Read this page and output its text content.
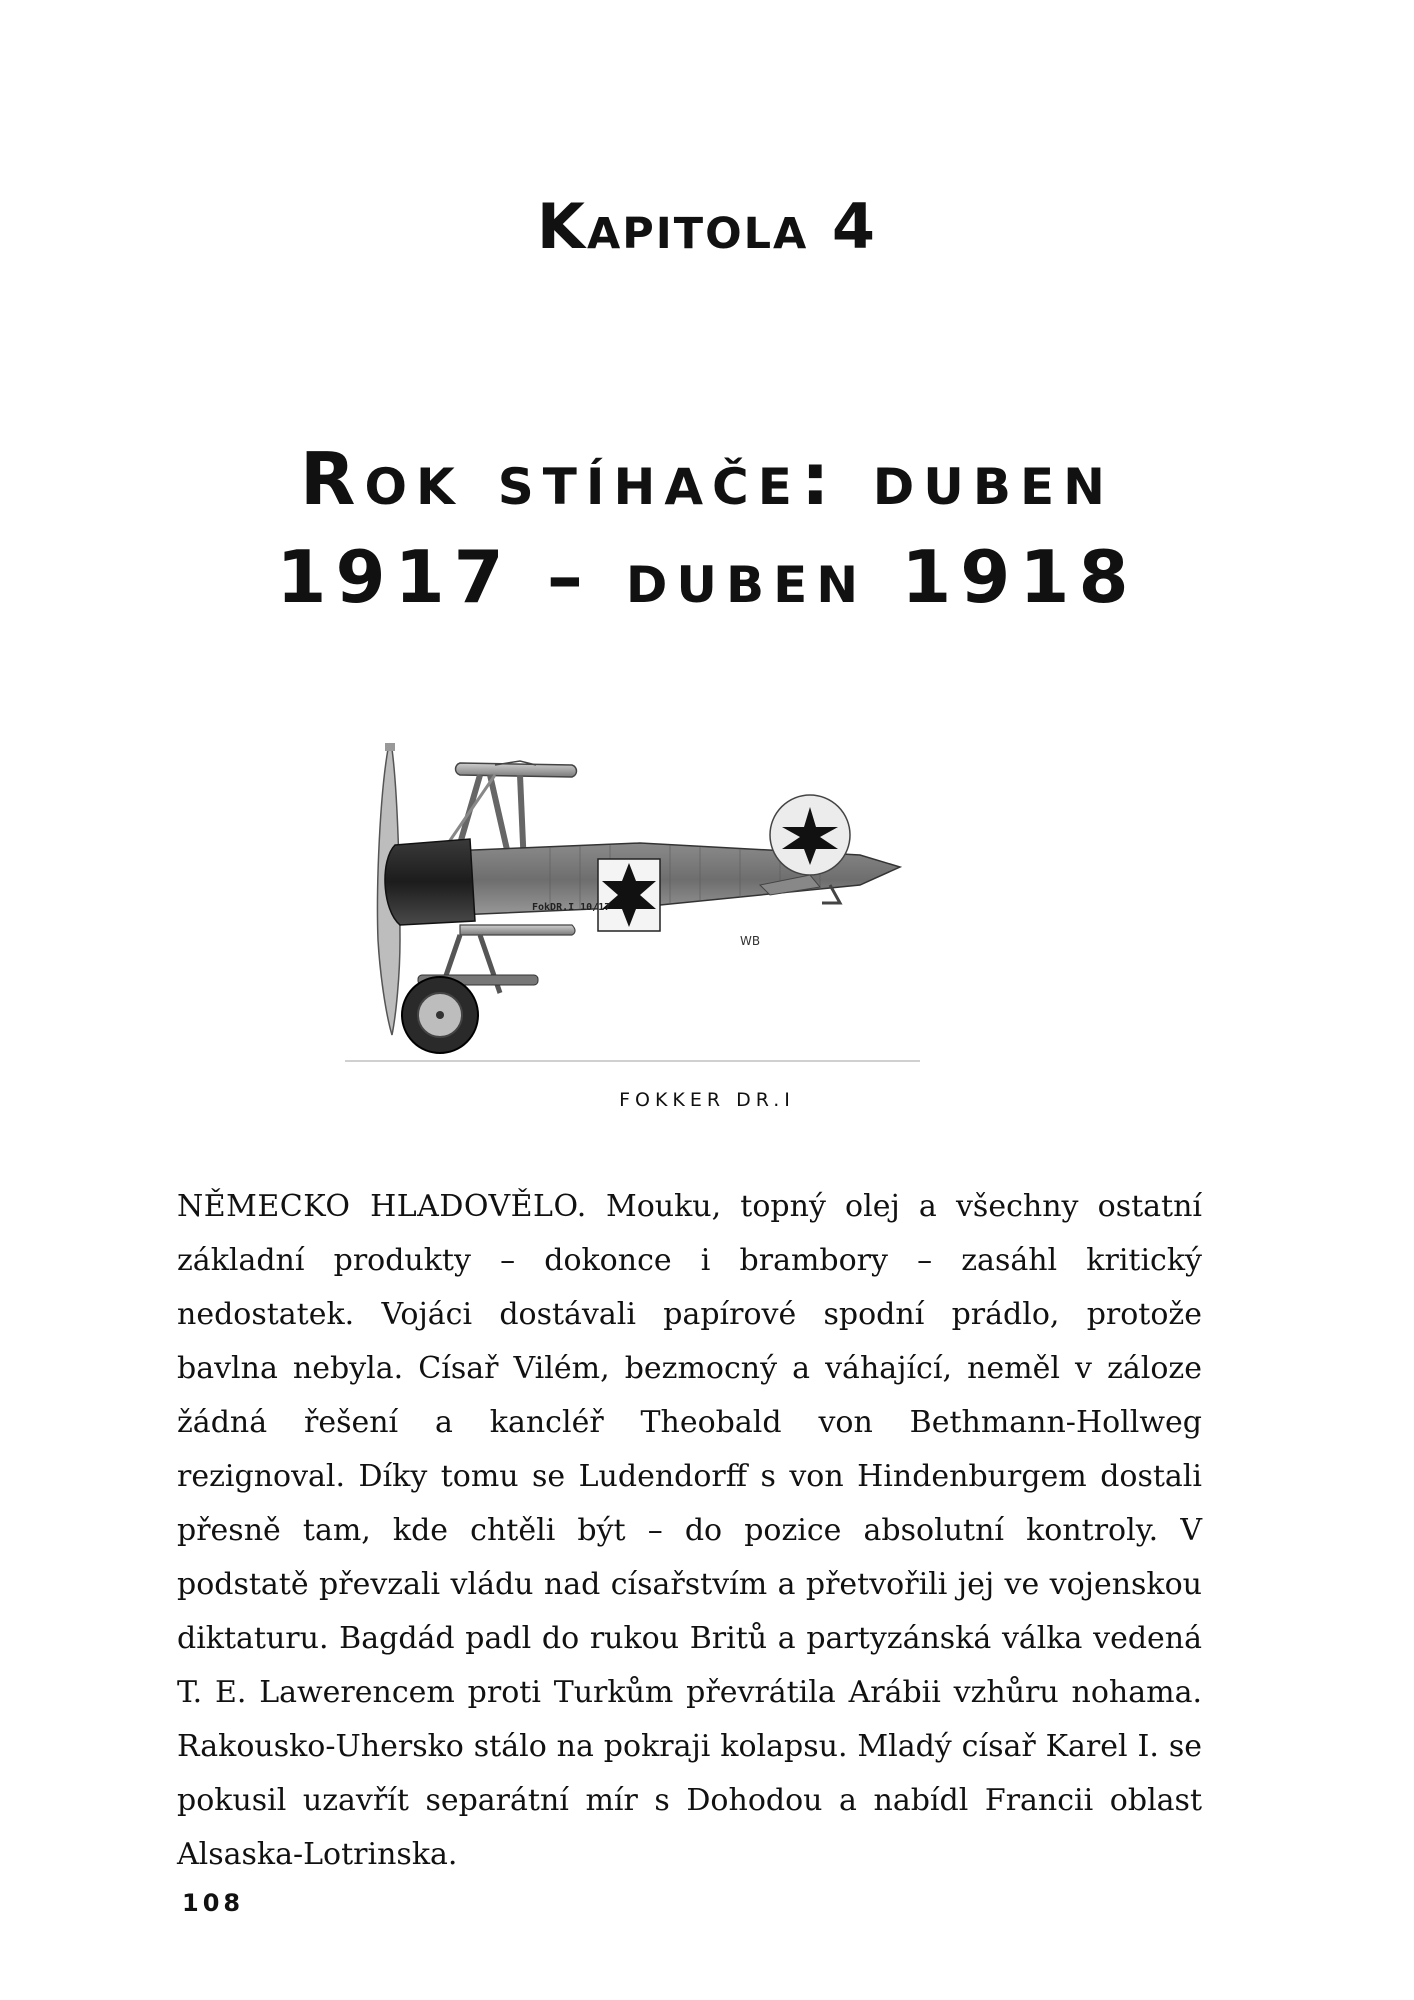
Kapitola 4
Rok stíhače: duben
1917 – duben 1918
FokDR.I 10/17
WB
FOKKER DR.I
NĚMECKO HLADOVĚLO. Mouku, topný olej a všechny ostatní základní produkty – dokonce i brambory – zasáhl kritický nedostatek. Vojáci dostávali papírové spodní prádlo, protože bavlna nebyla. Císař Vilém, bezmocný a váhající, neměl v záloze žádná řešení a kancléř Theobald von Bethmann-Hollweg rezignoval. Díky tomu se Ludendorff s von Hindenburgem dostali přesně tam, kde chtěli být – do pozice absolutní kontroly. V podstatě převzali vládu nad císařstvím a přetvořili jej ve vojenskou diktaturu. Bagdád padl do rukou Britů a partyzánská válka vedená T. E. Lawerencem proti Turkům převrátila Arábii vzhůru nohama. Rakousko-Uhersko stálo na pokraji kolapsu. Mladý císař Karel I. se pokusil uzavřít separátní mír s Dohodou a nabídl Francii oblast Alsaska-Lotrinska.
108
